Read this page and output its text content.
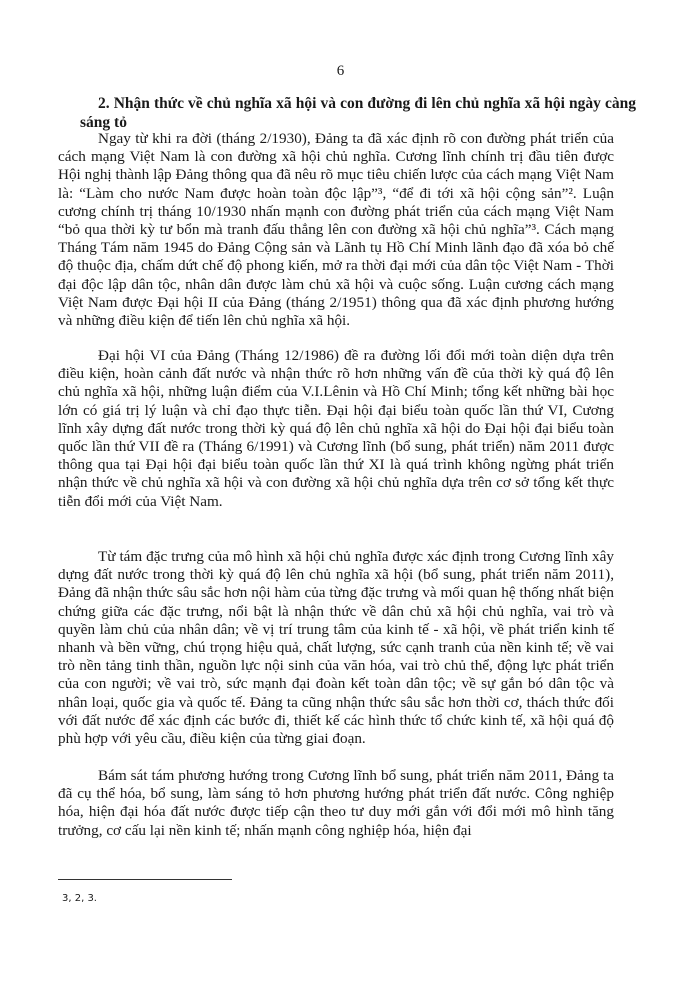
6
2. Nhận thức về chủ nghĩa xã hội và con đường đi lên chủ nghĩa xã hội ngày càng sáng tỏ
Ngay từ khi ra đời (tháng 2/1930), Đảng ta đã xác định rõ con đường phát triển của cách mạng Việt Nam là con đường xã hội chủ nghĩa. Cương lĩnh chính trị đầu tiên được Hội nghị thành lập Đảng thông qua đã nêu rõ mục tiêu chiến lược của cách mạng Việt Nam là: “Làm cho nước Nam được hoàn toàn độc lập”³, “để đi tới xã hội cộng sản”². Luận cương chính trị tháng 10/1930 nhấn mạnh con đường phát triển của cách mạng Việt Nam “bỏ qua thời kỳ tư bổn mà tranh đấu thẳng lên con đường xã hội chủ nghĩa”³. Cách mạng Tháng Tám năm 1945 do Đảng Cộng sản và Lãnh tụ Hồ Chí Minh lãnh đạo đã xóa bỏ chế độ thuộc địa, chấm dứt chế độ phong kiến, mở ra thời đại mới của dân tộc Việt Nam - Thời đại độc lập dân tộc, nhân dân được làm chủ xã hội và cuộc sống. Luận cương cách mạng Việt Nam được Đại hội II của Đảng (tháng 2/1951) thông qua đã xác định phương hướng và những điều kiện để tiến lên chủ nghĩa xã hội.
Đại hội VI của Đảng (Tháng 12/1986) đề ra đường lối đổi mới toàn diện dựa trên điều kiện, hoàn cảnh đất nước và nhận thức rõ hơn những vấn đề của thời kỳ quá độ lên chủ nghĩa xã hội, những luận điểm của V.I.Lênin và Hồ Chí Minh; tổng kết những bài học lớn có giá trị lý luận và chỉ đạo thực tiễn. Đại hội đại biểu toàn quốc lần thứ VI, Cương lĩnh xây dựng đất nước trong thời kỳ quá độ lên chủ nghĩa xã hội do Đại hội đại biểu toàn quốc lần thứ VII đề ra (Tháng 6/1991) và Cương lĩnh (bổ sung, phát triển) năm 2011 được thông qua tại Đại hội đại biểu toàn quốc lần thứ XI là quá trình không ngừng phát triển nhận thức về chủ nghĩa xã hội và con đường xã hội chủ nghĩa dựa trên cơ sở tổng kết thực tiễn đổi mới của Việt Nam.
Từ tám đặc trưng của mô hình xã hội chủ nghĩa được xác định trong Cương lĩnh xây dựng đất nước trong thời kỳ quá độ lên chủ nghĩa xã hội (bổ sung, phát triển năm 2011), Đảng đã nhận thức sâu sắc hơn nội hàm của từng đặc trưng và mối quan hệ thống nhất biện chứng giữa các đặc trưng, nổi bật là nhận thức về dân chủ xã hội chủ nghĩa, vai trò và quyền làm chủ của nhân dân; về vị trí trung tâm của kinh tế - xã hội, về phát triển kinh tế nhanh và bền vững, chú trọng hiệu quả, chất lượng, sức cạnh tranh của nền kinh tế; về vai trò nền tảng tinh thần, nguồn lực nội sinh của văn hóa, vai trò chủ thể, động lực phát triển của con người; về vai trò, sức mạnh đại đoàn kết toàn dân tộc; về sự gắn bó dân tộc và nhân loại, quốc gia và quốc tế. Đảng ta cũng nhận thức sâu sắc hơn thời cơ, thách thức đối với đất nước để xác định các bước đi, thiết kế các hình thức tổ chức kinh tế, xã hội quá độ phù hợp với yêu cầu, điều kiện của từng giai đoạn.
Bám sát tám phương hướng trong Cương lĩnh bổ sung, phát triển năm 2011, Đảng ta đã cụ thể hóa, bổ sung, làm sáng tỏ hơn phương hướng phát triển đất nước. Công nghiệp hóa, hiện đại hóa đất nước được tiếp cận theo tư duy mới gắn với đổi mới mô hình tăng trưởng, cơ cấu lại nền kinh tế; nhấn mạnh công nghiệp hóa, hiện đại
3, 2, 3.
